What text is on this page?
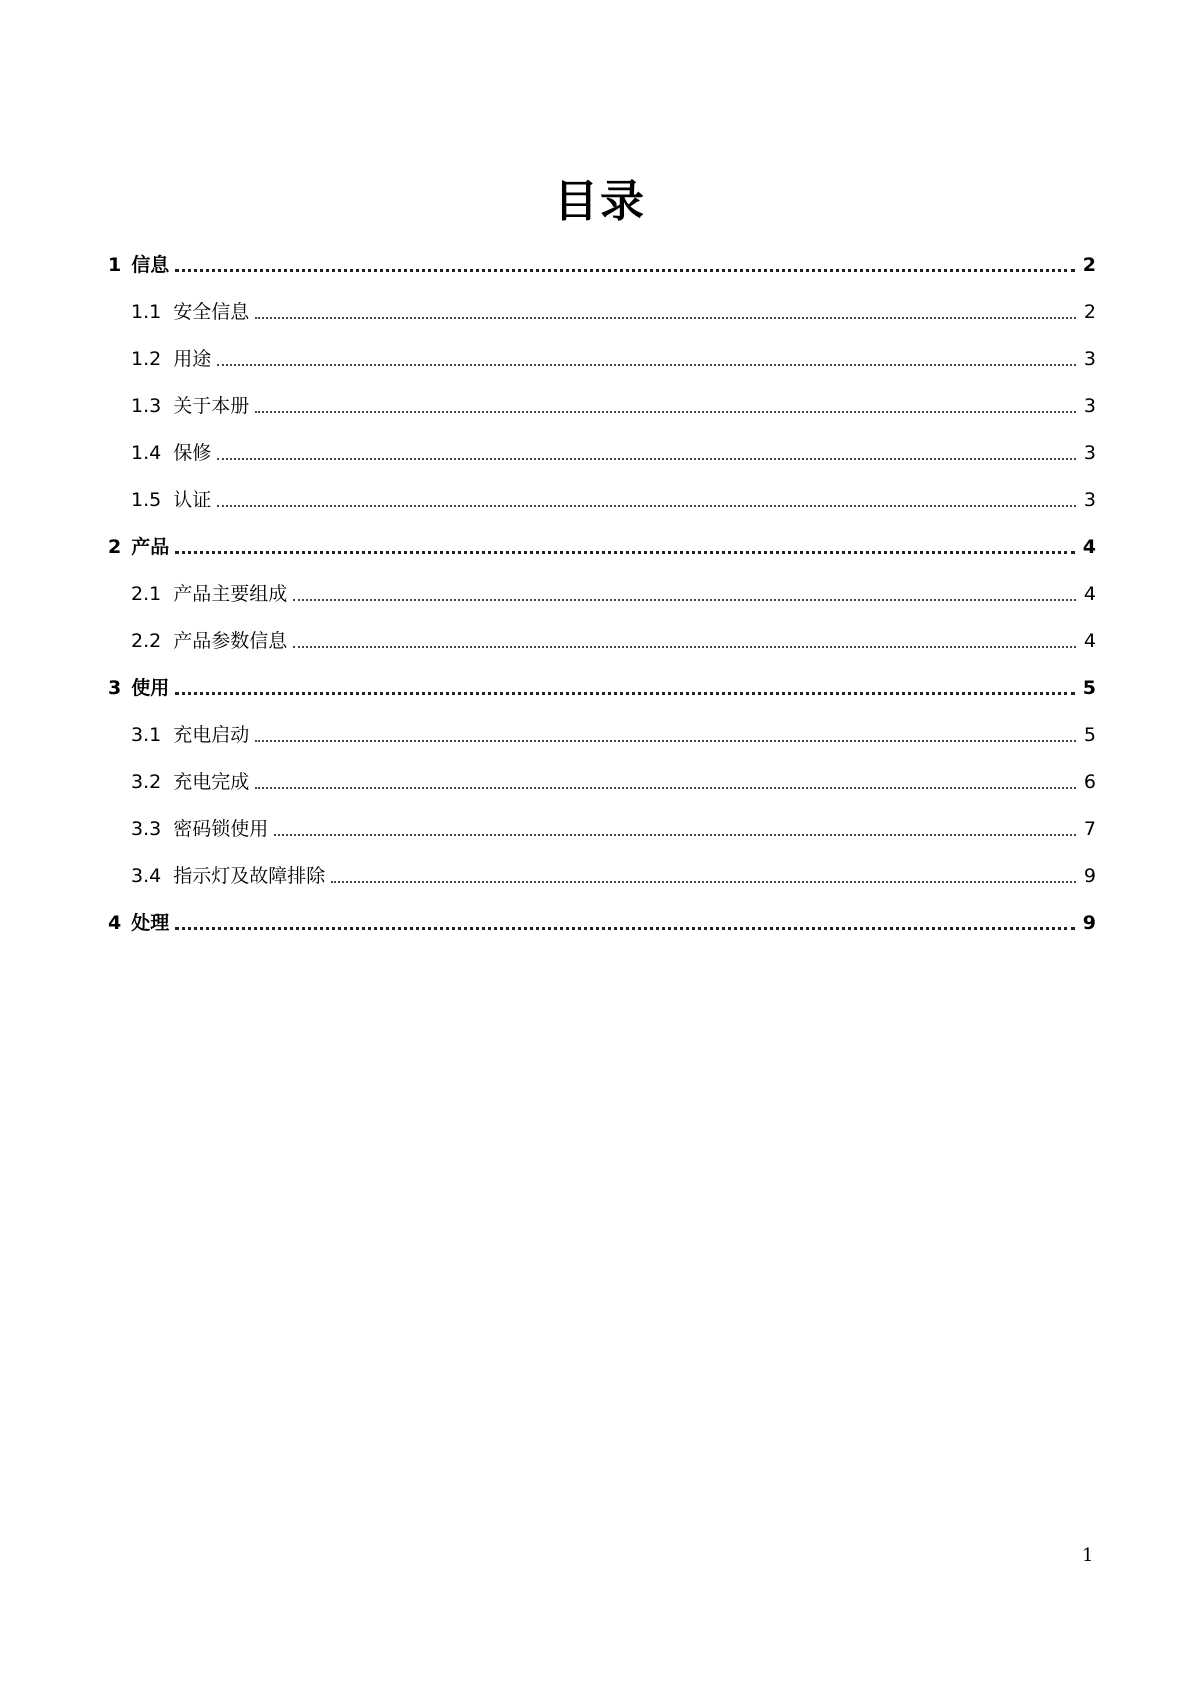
目录
1 信息	2
1.1 安全信息	2
1.2 用途	3
1.3 关于本册	3
1.4 保修	3
1.5 认证	3
2 产品	4
2.1 产品主要组成	4
2.2 产品参数信息	4
3 使用	5
3.1 充电启动	5
3.2 充电完成	6
3.3 密码锁使用	7
3.4 指示灯及故障排除	9
4 处理	9
1
